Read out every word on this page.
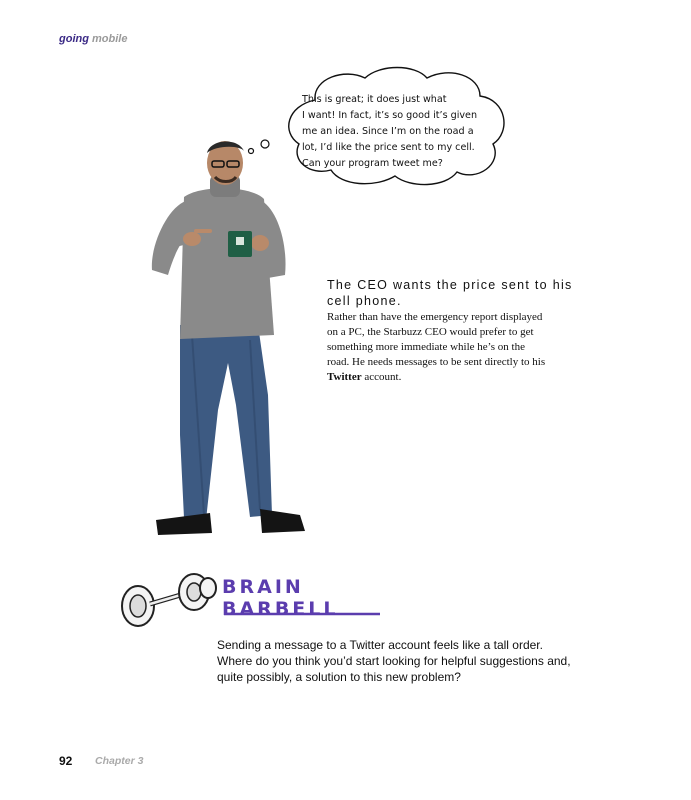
going mobile
This is great; it does just what
I want! In fact, it’s so good it’s given
me an idea. Since I’m on the road a
lot, I’d like the price sent to my cell.
Can your program tweet me?
The CEO wants the price sent to his
cell phone.
Rather than have the emergency report displayed
on a PC, the Starbuzz CEO would prefer to get
something more immediate while he’s on the
road. He needs messages to be sent directly to his
Twitter account.
BRAIN
BARBELL
Sending a message to a Twitter account feels like a tall order.
Where do you think you’d start looking for helpful suggestions and,
quite possibly, a solution to this new problem?
92 Chapter 3
